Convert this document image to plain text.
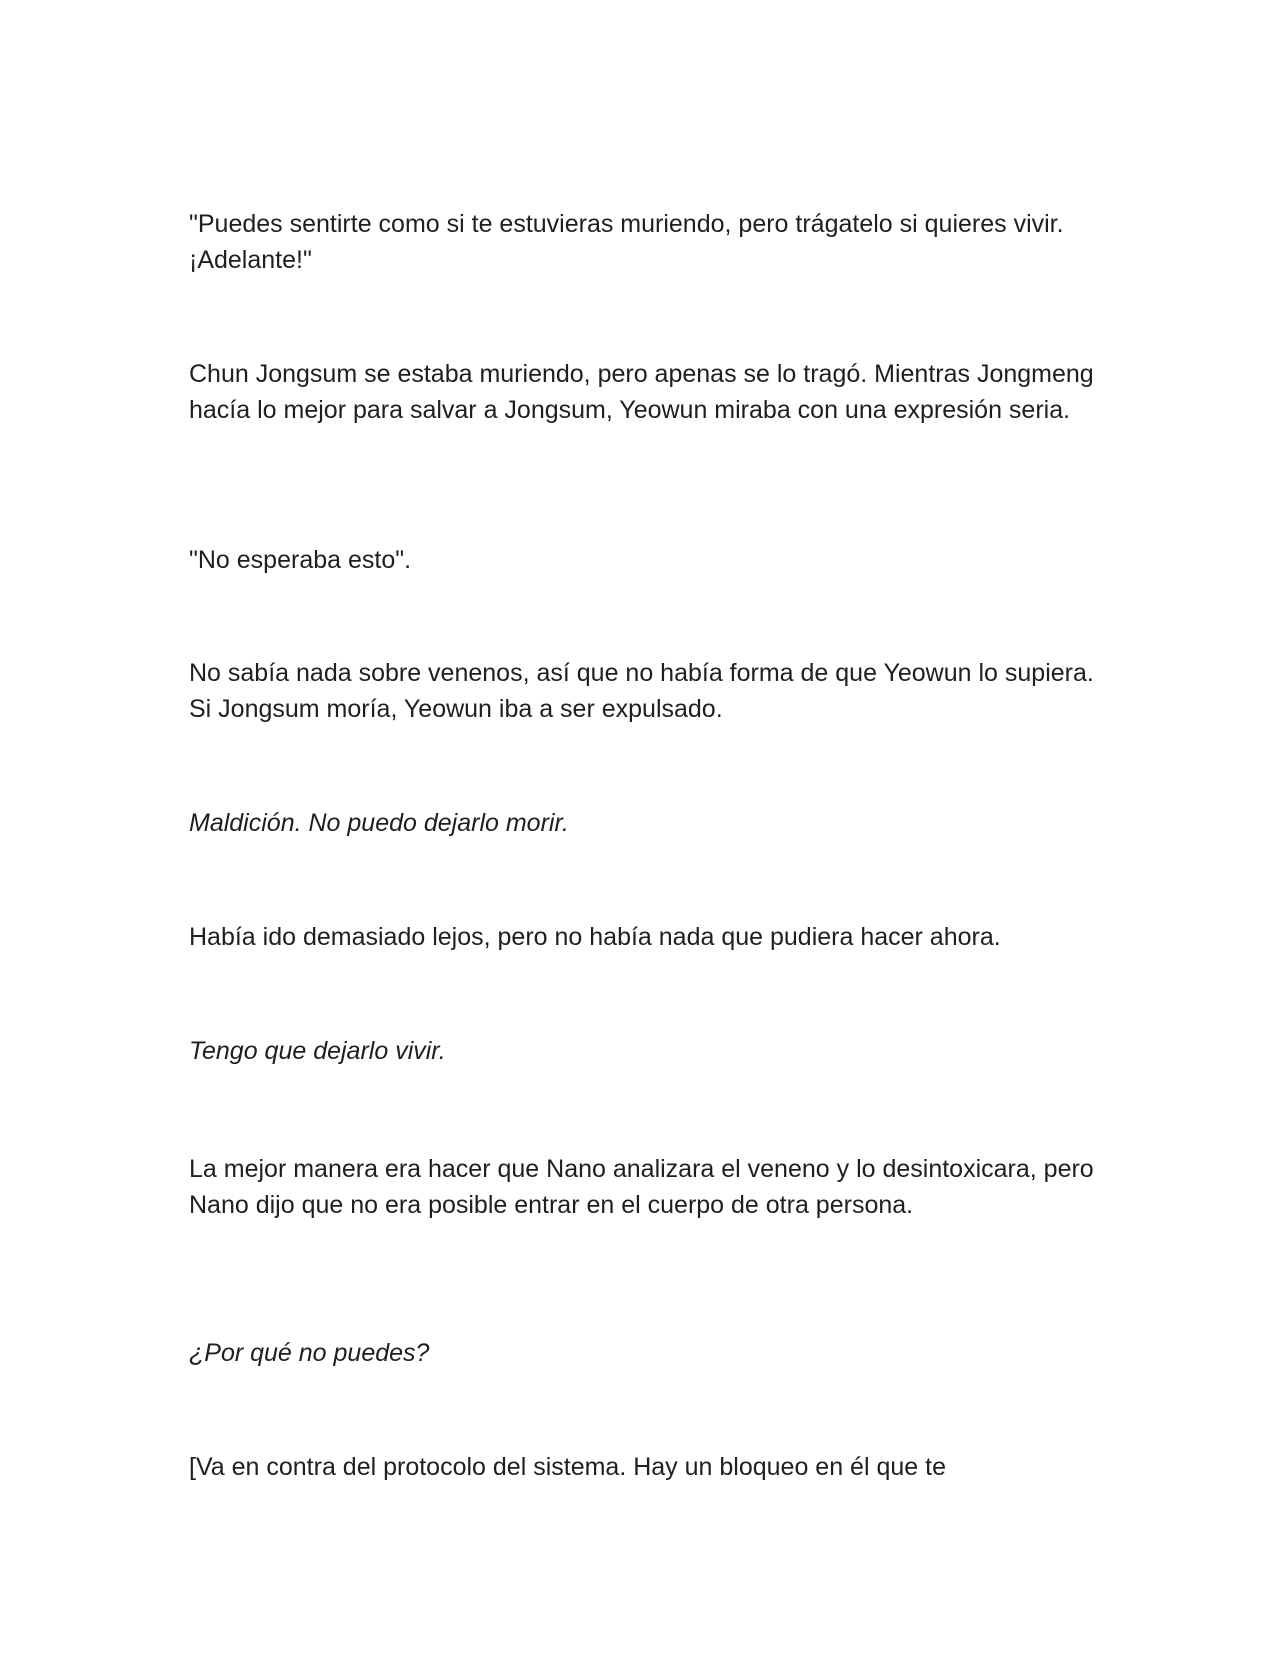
"Puedes sentirte como si te estuvieras muriendo, pero trágatelo si quieres vivir. ¡Adelante!"

Chun Jongsum se estaba muriendo, pero apenas se lo tragó. Mientras Jongmeng hacía lo mejor para salvar a Jongsum, Yeowun miraba con una expresión seria.

"No esperaba esto".

No sabía nada sobre venenos, así que no había forma de que Yeowun lo supiera. Si Jongsum moría, Yeowun iba a ser expulsado.

Maldición. No puedo dejarlo morir.

Había ido demasiado lejos, pero no había nada que pudiera hacer ahora.

Tengo que dejarlo vivir.

La mejor manera era hacer que Nano analizara el veneno y lo desintoxicara, pero Nano dijo que no era posible entrar en el cuerpo de otra persona.

¿Por qué no puedes?

[Va en contra del protocolo del sistema. Hay un bloqueo en él que te
